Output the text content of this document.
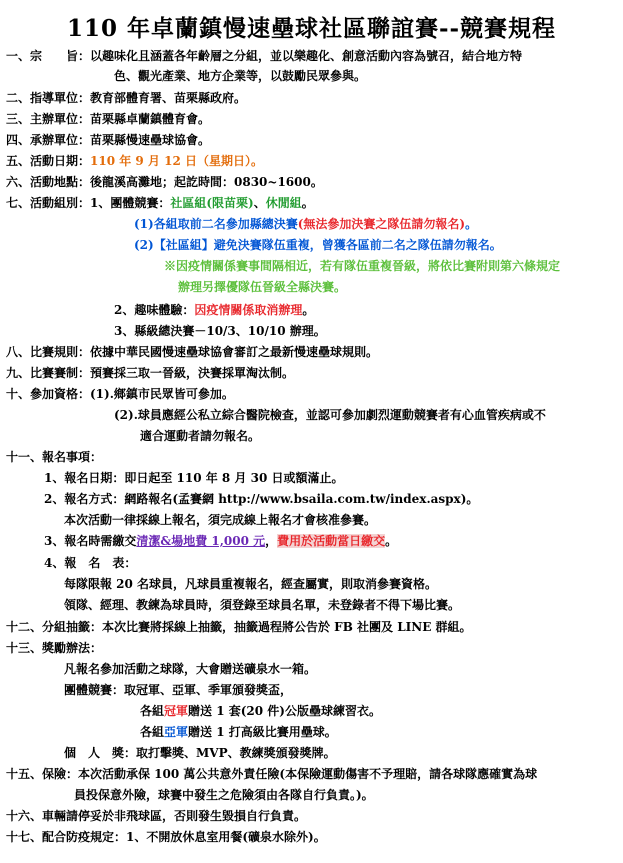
110 年卓蘭鎮慢速壘球社區聯誼賽--競賽規程
一、宗　　旨：以趣味化且涵蓋各年齡層之分組，並以樂趣化、創意活動內容為號召，結合地方特
色、觀光產業、地方企業等，以鼓勵民眾參與。
二、指導單位：教育部體育署、苗栗縣政府。
三、主辦單位：苗栗縣卓蘭鎮體育會。
四、承辦單位：苗栗縣慢速壘球協會。
五、活動日期：110 年 9 月 12 日（星期日）。
六、活動地點：後龍溪高灘地；起訖時間：0830~1600。
七、活動組別：1、團體競賽：社區組(限苗栗)、休閒組。
(1)各組取前二名參加縣總決賽(無法參加決賽之隊伍請勿報名)。
(2)【社區組】避免決賽隊伍重複，曾獲各區前二名之隊伍請勿報名。
※因疫情關係賽事間隔相近，若有隊伍重複晉級，將依比賽附則第六條規定
辦理另擇優隊伍晉級全縣決賽。
2、趣味體驗：因疫情關係取消辦理。
3、縣級總決賽－10/3、10/10 辦理。
八、比賽規則：依據中華民國慢速壘球協會審訂之最新慢速壘球規則。
九、比賽賽制：預賽採三取一晉級，決賽採單淘汰制。
十、參加資格：(1).鄉鎮市民眾皆可參加。
(2).球員應經公私立綜合醫院檢查，並認可參加劇烈運動競賽者有心血管疾病或不
適合運動者請勿報名。
十一、報名事項：
1、報名日期：即日起至 110 年 8 月 30 日或額滿止。
2、報名方式：網路報名(孟賽網 http://www.bsaila.com.tw/index.aspx)。
本次活動一律採線上報名，須完成線上報名才會核准參賽。
3、報名時需繳交清潔&場地費 1,000 元，費用於活動當日繳交。
4、報　名　表：
每隊限報 20 名球員，凡球員重複報名，經查屬實，則取消參賽資格。
領隊、經理、教練為球員時，須登錄至球員名單，未登錄者不得下場比賽。
十二、分組抽籤：本次比賽將採線上抽籤，抽籤過程將公告於 FB 社團及 LINE 群組。
十三、獎勵辦法：
凡報名參加活動之球隊，大會贈送礦泉水一箱。
團體競賽：取冠軍、亞軍、季軍頒發獎盃，
各組冠軍贈送 1 套(20 件)公版壘球練習衣。
各組亞軍贈送 1 打高級比賽用壘球。
個　人　獎：取打擊獎、MVP、教練獎頒發獎牌。
十五、保險：本次活動承保 100 萬公共意外責任險(本保險運動傷害不予理賠，請各球隊應確實為球
員投保意外險，球賽中發生之危險須由各隊自行負責。)。
十六、車輛請停妥於非飛球區，否則發生毀損自行負責。
十七、配合防疫規定：1、不開放休息室用餐(礦泉水除外)。
